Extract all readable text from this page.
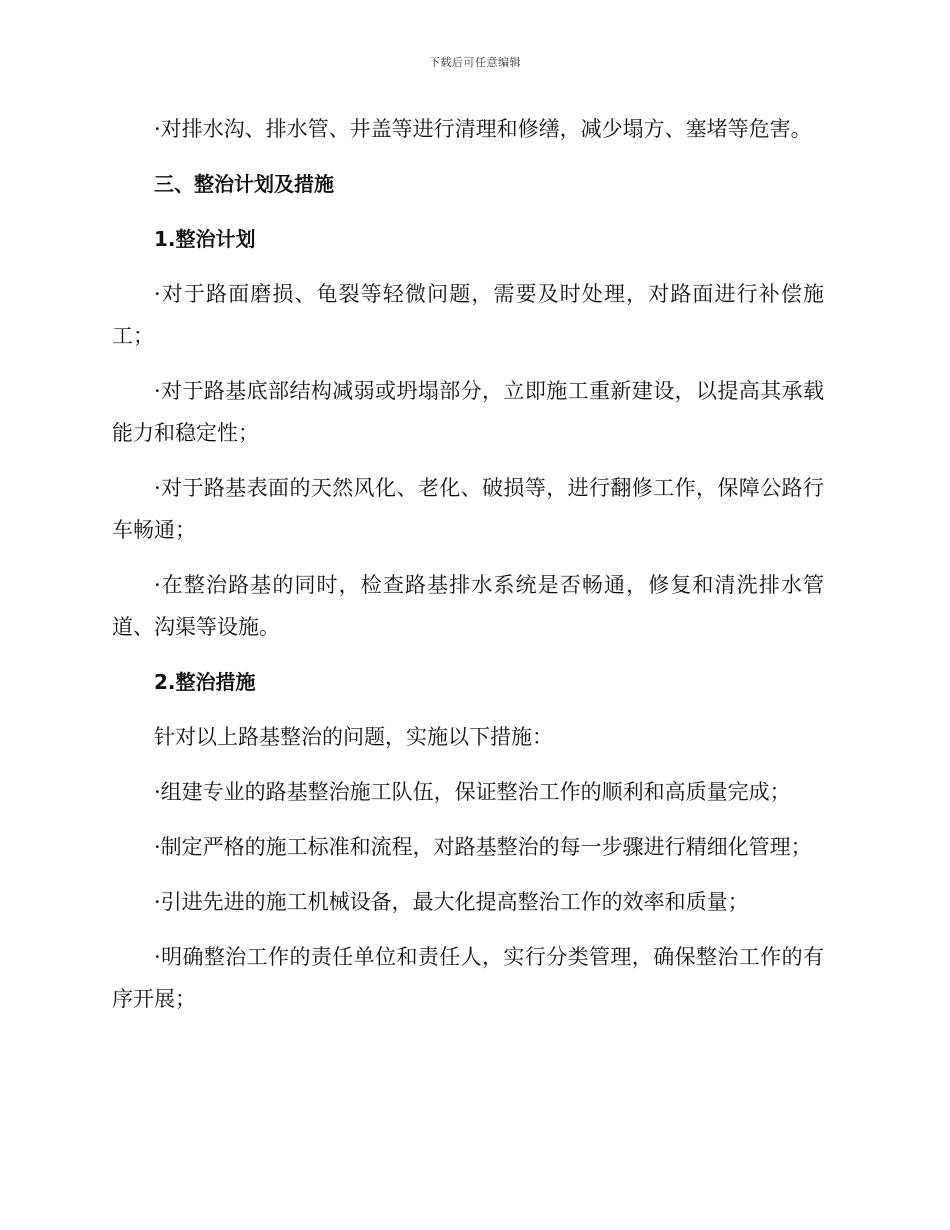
下载后可任意编辑

·对排水沟、排水管、井盖等进行清理和修缮，减少塌方、塞堵等危害。

三、整治计划及措施

1.整治计划

·对于路面磨损、龟裂等轻微问题，需要及时处理，对路面进行补偿施工；

·对于路基底部结构减弱或坍塌部分，立即施工重新建设，以提高其承载能力和稳定性；

·对于路基表面的天然风化、老化、破损等，进行翻修工作，保障公路行车畅通；

·在整治路基的同时，检查路基排水系统是否畅通，修复和清洗排水管道、沟渠等设施。

2.整治措施

针对以上路基整治的问题，实施以下措施：

·组建专业的路基整治施工队伍，保证整治工作的顺利和高质量完成；

·制定严格的施工标准和流程，对路基整治的每一步骤进行精细化管理；

·引进先进的施工机械设备，最大化提高整治工作的效率和质量；

·明确整治工作的责任单位和责任人，实行分类管理，确保整治工作的有序开展；
